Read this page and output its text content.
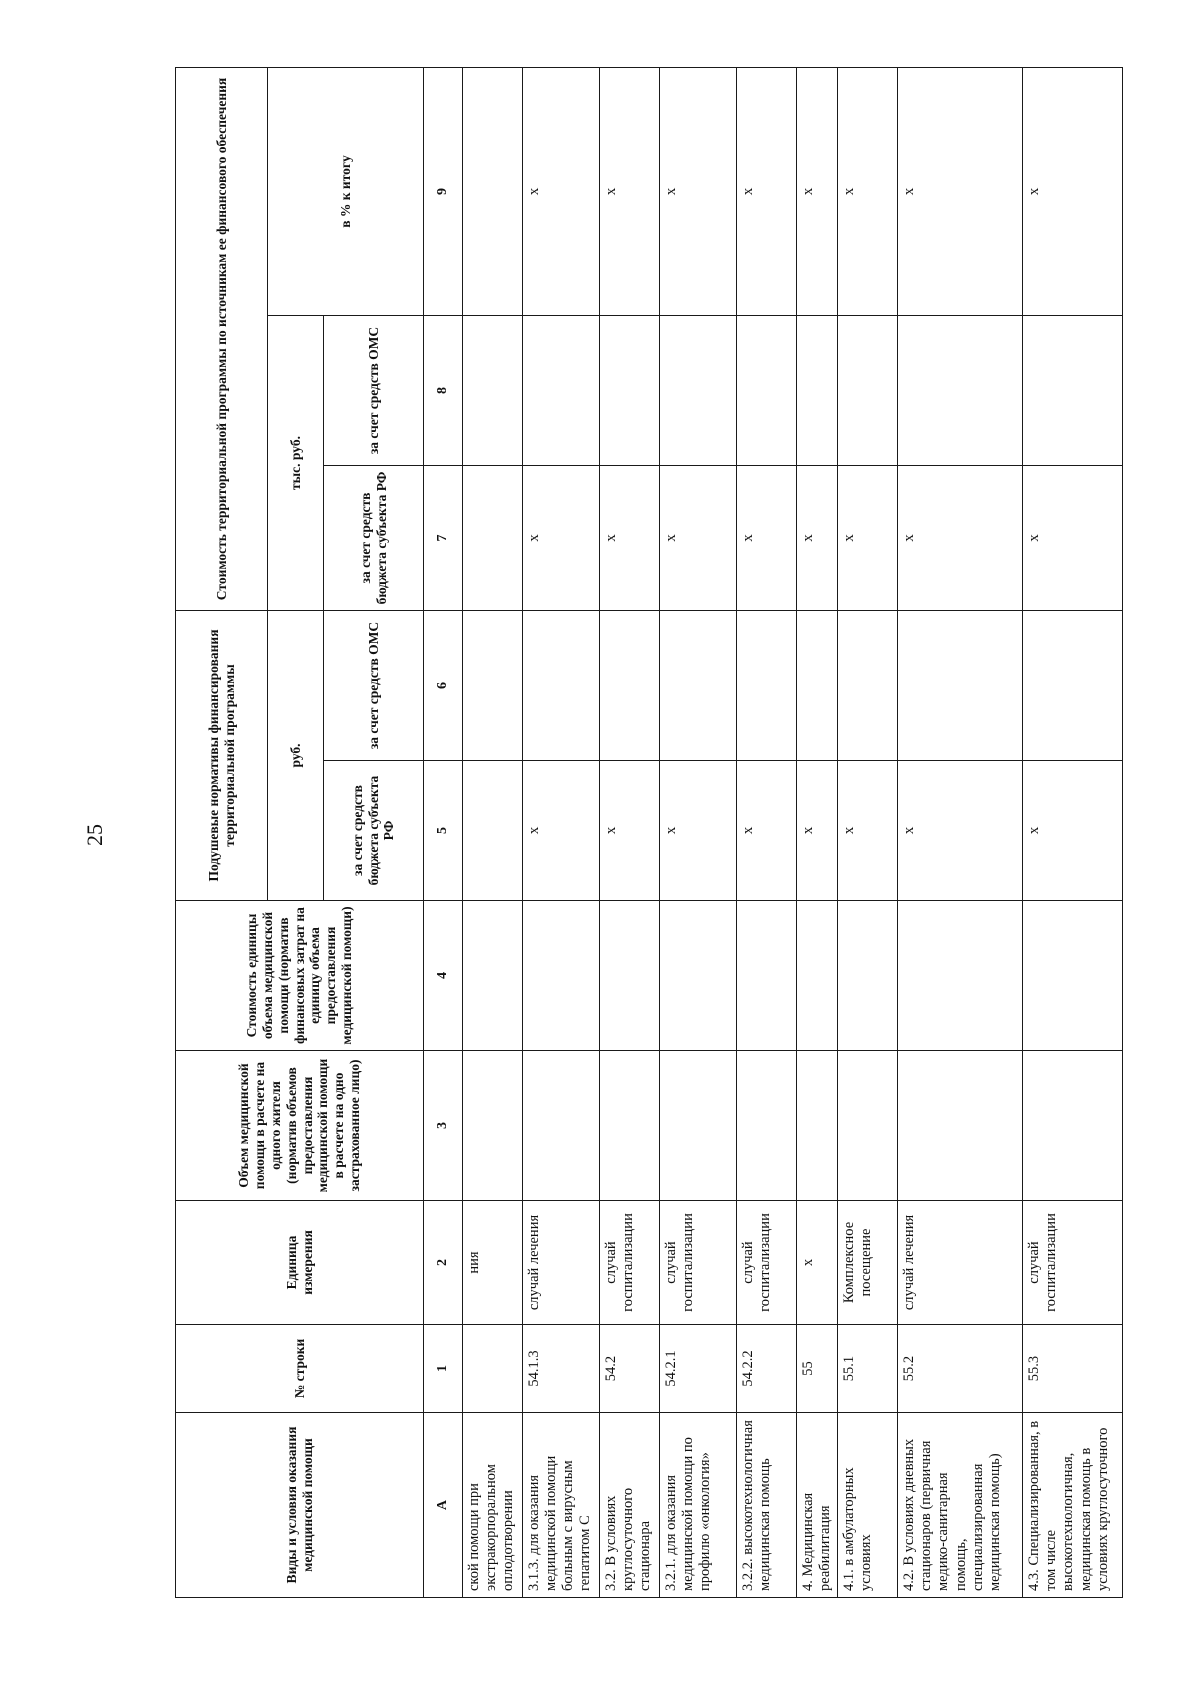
25
Виды и условия оказания медицинской помощи	№ строки	Единица измерения	Объем медицинской помощи в расчете на одного жителя (норматив объемов предоставления медицинской помощи в расчете на одно застрахованное лицо)	Стоимость единицы объема медицинской помощи (норматив финансовых затрат на единицу объема предоставления медицинской помощи)	Подушевые нормативы финансирования территориальной программы		Стоимость территориальной программы по источникам ее финансового обеспечения		
					руб.		тыс. руб.		в % к итогу
					за счет средств бюджета субъекта РФ	за счет средств ОМС	за счет средств бюджета субъекта РФ	за счет средств ОМС	
А	1	2	3	4	5	6	7	8	9
ской помощи при экстракорпоральном оплодотворении		ния							
3.1.3. для оказания медицинской помощи больным с вирусным гепатитом С	54.1.3	случай лечения			х		х		х
3.2. В условиях круглосуточного стационара	54.2	случай госпитализации			х		х		х
3.2.1. для оказания медицинской помощи по профилю «онкология»	54.2.1	случай госпитализации			х		х		х
3.2.2. высокотехнологичная медицинская помощь	54.2.2	случай госпитализации			х		х		х
4. Медицинская реабилитация	55	х			х		х		х
4.1. в амбулаторных условиях	55.1	Комплексное посещение			х		х		х
4.2. В условиях дневных стационаров (первичная медико-санитарная помощь, специализированная медицинская помощь)	55.2	случай лечения			х		х		х
4.3. Специализированная, в том числе высокотехнологичная, медицинская помощь в условиях круглосуточного	55.3	случай госпитализации			х		х		х
